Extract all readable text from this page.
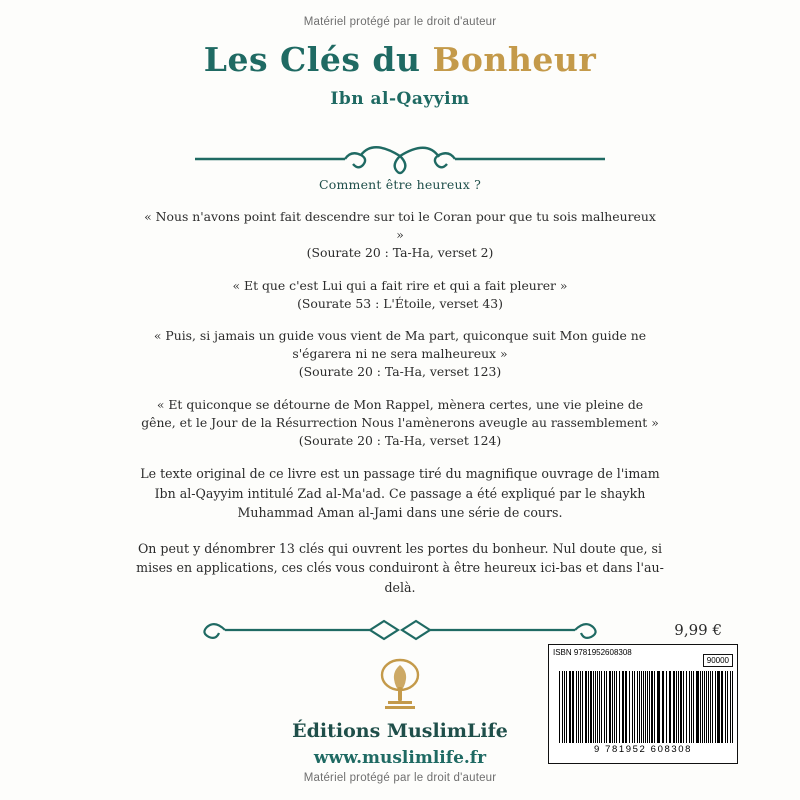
Matériel protégé par le droit d'auteur
Les Clés du Bonheur
Ibn al-Qayyim
Comment être heureux ?
« Nous n'avons point fait descendre sur toi le Coran pour que tu sois malheureux »
(Sourate 20 : Ta-Ha, verset 2)
« Et que c'est Lui qui a fait rire et qui a fait pleurer »
(Sourate 53 : L'Étoile, verset 43)
« Puis, si jamais un guide vous vient de Ma part, quiconque suit Mon guide ne s'égarera ni ne sera malheureux »
(Sourate 20 : Ta-Ha, verset 123)
« Et quiconque se détourne de Mon Rappel, mènera certes, une vie pleine de gêne, et le Jour de la Résurrection Nous l'amènerons aveugle au rassemblement »
(Sourate 20 : Ta-Ha, verset 124)
Le texte original de ce livre est un passage tiré du magnifique ouvrage de l'imam Ibn al-Qayyim intitulé Zad al-Ma'ad. Ce passage a été expliqué par le shaykh Muhammad Aman al-Jami dans une série de cours.
On peut y dénombrer 13 clés qui ouvrent les portes du bonheur. Nul doute que, si mises en applications, ces clés vous conduiront à être heureux ici-bas et dans l'au-delà.
Éditions MuslimLife
www.muslimlife.fr
9,99 €
ISBN 9781952608308
90000
9 781952 608308
Matériel protégé par le droit d'auteur
